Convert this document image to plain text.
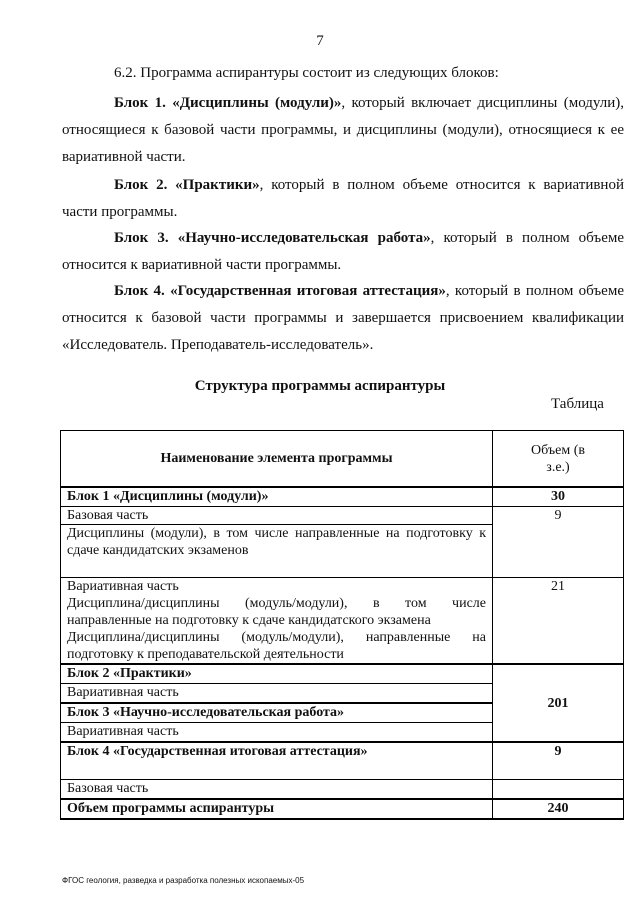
7
6.2. Программа аспирантуры состоит из следующих блоков:
Блок 1. «Дисциплины (модули)», который включает дисциплины (модули), относящиеся к базовой части программы, и дисциплины (модули), относящиеся к ее вариативной части.
Блок 2. «Практики», который в полном объеме относится к вариативной части программы.
Блок 3. «Научно-исследовательская работа», который в полном объеме относится к вариативной части программы.
Блок 4. «Государственная итоговая аттестация», который в полном объеме относится к базовой части программы и завершается присвоением квалификации «Исследователь. Преподаватель-исследователь».
Структура программы аспирантуры
Таблица
Наименование элемента программы	Объем (в з.е.)
Блок 1 «Дисциплины (модули)»	30

Базовая часть
Дисциплины (модули), в том числе направленные на подготовку к сдаче кандидатских экзаменов	9

Вариативная часть
Дисциплина/дисциплины (модуль/модули), в том числе направленные на подготовку к сдаче кандидатского экзамена
Дисциплина/дисциплины (модуль/модули), направленные на подготовку к преподавательской деятельности	21
Блок 2 «Практики»	201
Вариативная часть	
Блок 3 «Научно-исследовательская работа»	
Вариативная часть	
Блок 4 «Государственная итоговая аттестация»	9
Базовая часть	
Объем программы аспирантуры	240
ФГОС геология, разведка и разработка полезных ископаемых-05
